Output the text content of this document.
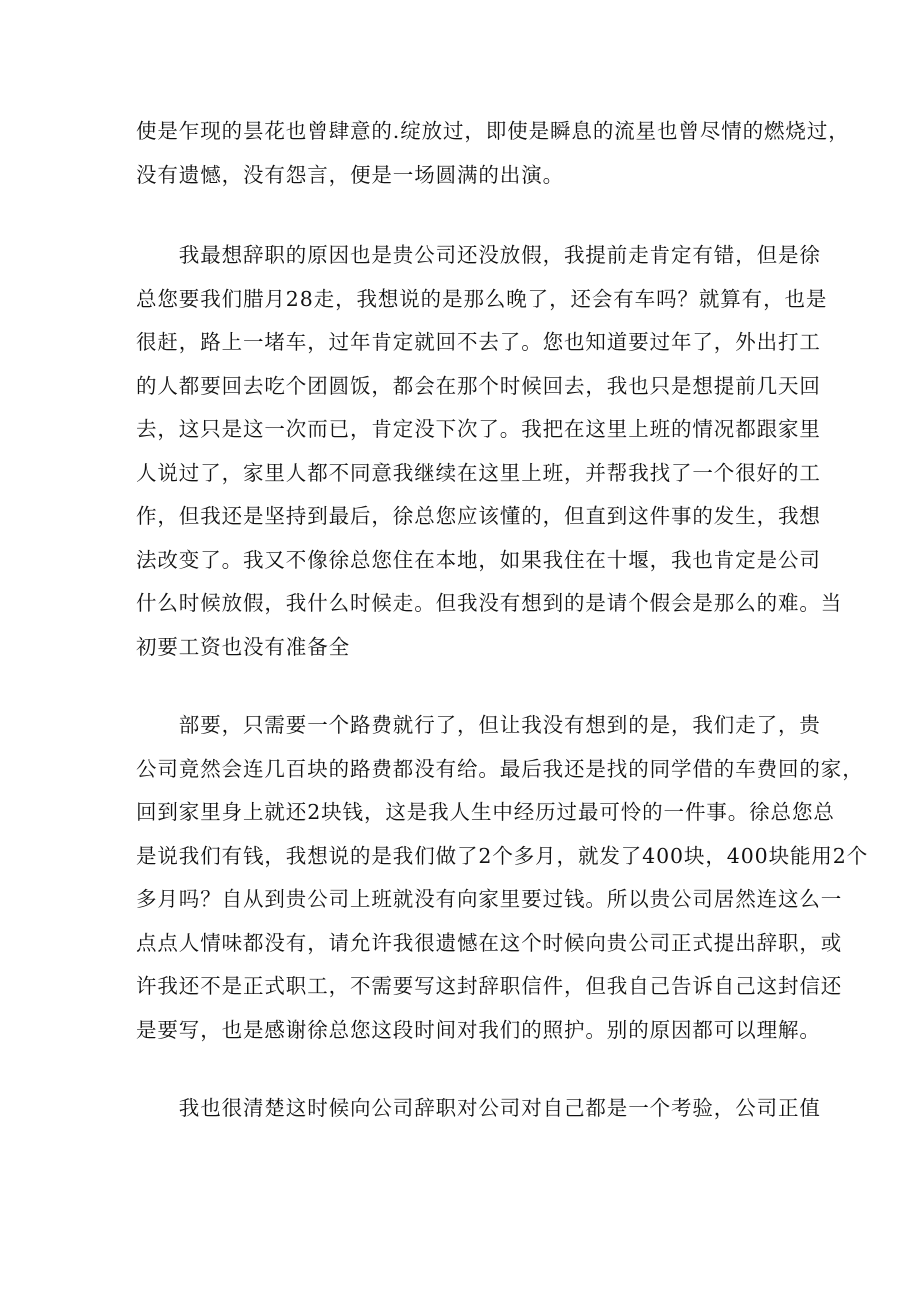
使是乍现的昙花也曾肆意的.绽放过，即使是瞬息的流星也曾尽情的燃烧过，
没有遗憾，没有怨言，便是一场圆满的出演。

　　我最想辞职的原因也是贵公司还没放假，我提前走肯定有错，但是徐
总您要我们腊月28走，我想说的是那么晚了，还会有车吗？就算有，也是
很赶，路上一堵车，过年肯定就回不去了。您也知道要过年了，外出打工
的人都要回去吃个团圆饭，都会在那个时候回去，我也只是想提前几天回
去，这只是这一次而已，肯定没下次了。我把在这里上班的情况都跟家里
人说过了，家里人都不同意我继续在这里上班，并帮我找了一个很好的工
作，但我还是坚持到最后，徐总您应该懂的，但直到这件事的发生，我想
法改变了。我又不像徐总您住在本地，如果我住在十堰，我也肯定是公司
什么时候放假，我什么时候走。但我没有想到的是请个假会是那么的难。当
初要工资也没有准备全

　　部要，只需要一个路费就行了，但让我没有想到的是，我们走了，贵
公司竟然会连几百块的路费都没有给。最后我还是找的同学借的车费回的家，
回到家里身上就还2块钱，这是我人生中经历过最可怜的一件事。徐总您总
是说我们有钱，我想说的是我们做了2个多月，就发了400块，400块能用2个
多月吗？自从到贵公司上班就没有向家里要过钱。所以贵公司居然连这么一
点点人情味都没有，请允许我很遗憾在这个时候向贵公司正式提出辞职，或
许我还不是正式职工，不需要写这封辞职信件，但我自己告诉自己这封信还
是要写，也是感谢徐总您这段时间对我们的照护。别的原因都可以理解。

　　我也很清楚这时候向公司辞职对公司对自己都是一个考验，公司正值
